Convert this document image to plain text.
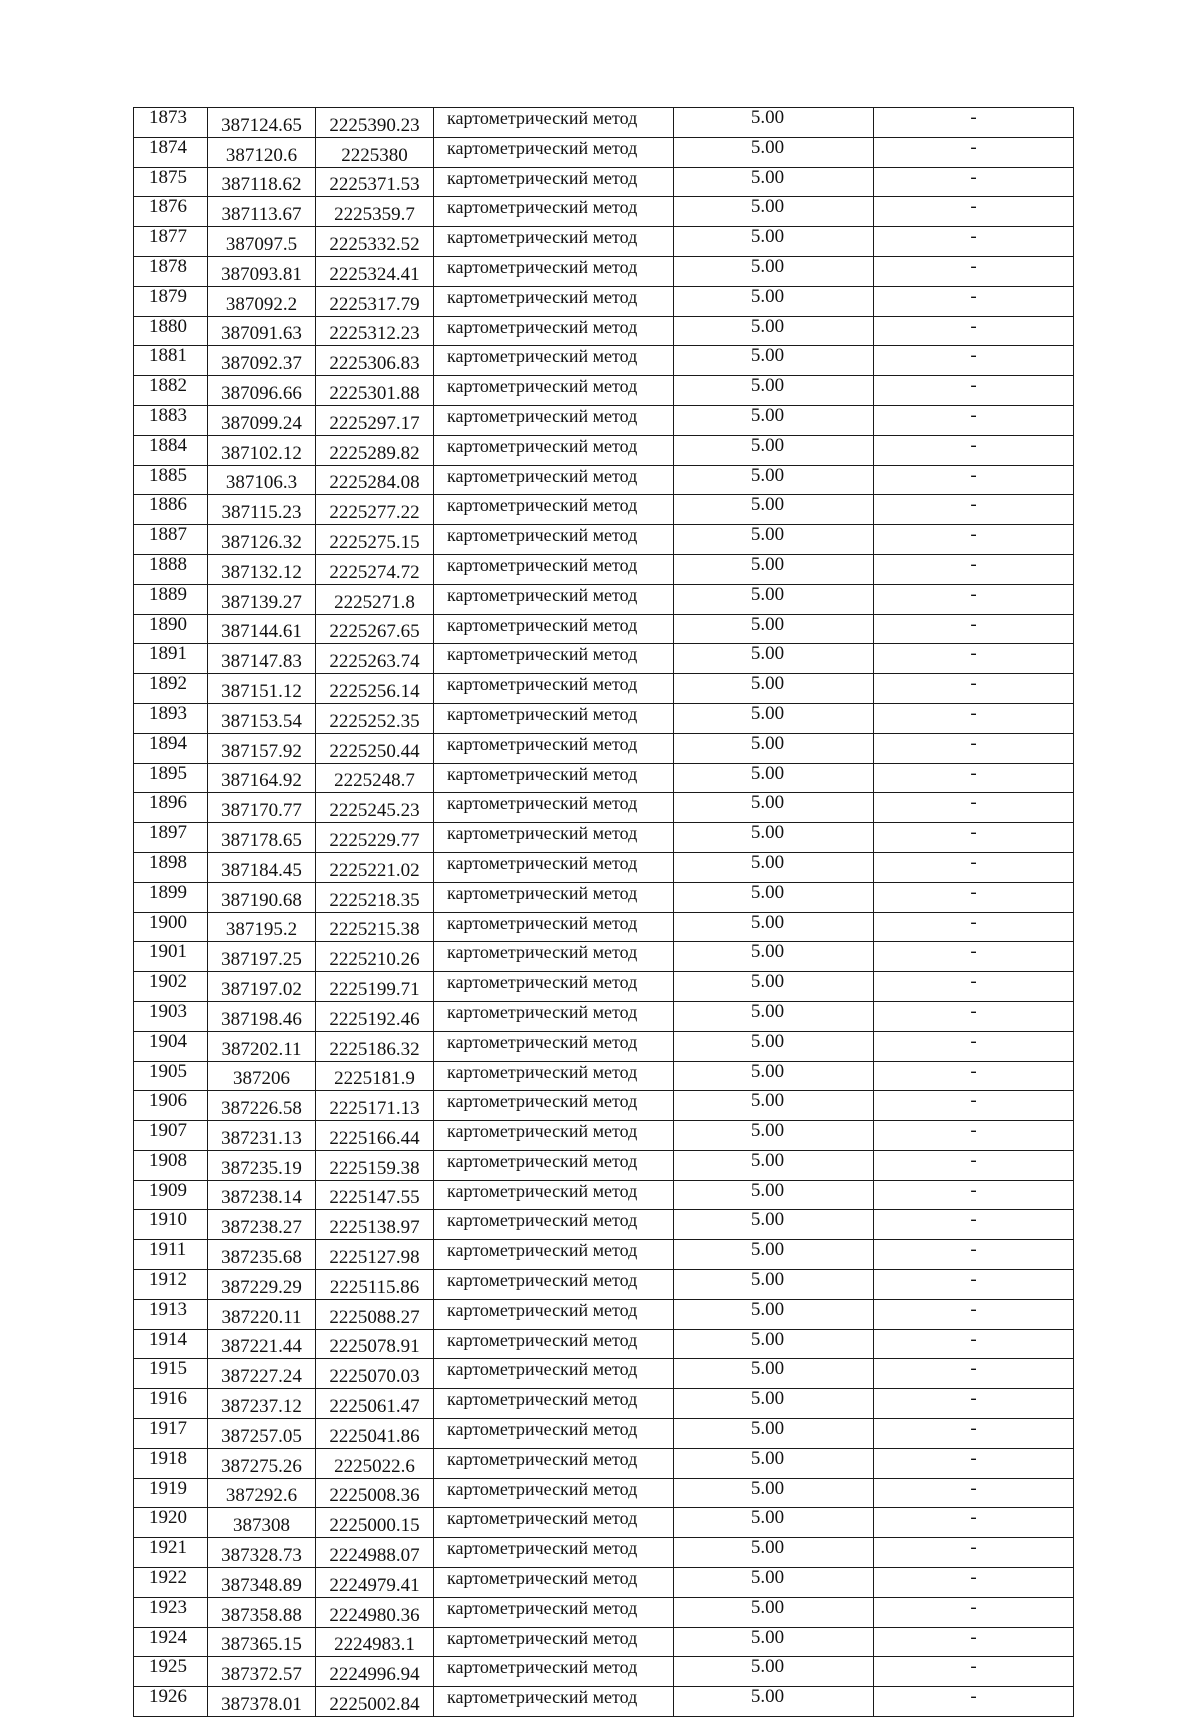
1873	387124.65	2225390.23	картометрический метод	5.00	-
1874	387120.6	2225380	картометрический метод	5.00	-
1875	387118.62	2225371.53	картометрический метод	5.00	-
1876	387113.67	2225359.7	картометрический метод	5.00	-
1877	387097.5	2225332.52	картометрический метод	5.00	-
1878	387093.81	2225324.41	картометрический метод	5.00	-
1879	387092.2	2225317.79	картометрический метод	5.00	-
1880	387091.63	2225312.23	картометрический метод	5.00	-
1881	387092.37	2225306.83	картометрический метод	5.00	-
1882	387096.66	2225301.88	картометрический метод	5.00	-
1883	387099.24	2225297.17	картометрический метод	5.00	-
1884	387102.12	2225289.82	картометрический метод	5.00	-
1885	387106.3	2225284.08	картометрический метод	5.00	-
1886	387115.23	2225277.22	картометрический метод	5.00	-
1887	387126.32	2225275.15	картометрический метод	5.00	-
1888	387132.12	2225274.72	картометрический метод	5.00	-
1889	387139.27	2225271.8	картометрический метод	5.00	-
1890	387144.61	2225267.65	картометрический метод	5.00	-
1891	387147.83	2225263.74	картометрический метод	5.00	-
1892	387151.12	2225256.14	картометрический метод	5.00	-
1893	387153.54	2225252.35	картометрический метод	5.00	-
1894	387157.92	2225250.44	картометрический метод	5.00	-
1895	387164.92	2225248.7	картометрический метод	5.00	-
1896	387170.77	2225245.23	картометрический метод	5.00	-
1897	387178.65	2225229.77	картометрический метод	5.00	-
1898	387184.45	2225221.02	картометрический метод	5.00	-
1899	387190.68	2225218.35	картометрический метод	5.00	-
1900	387195.2	2225215.38	картометрический метод	5.00	-
1901	387197.25	2225210.26	картометрический метод	5.00	-
1902	387197.02	2225199.71	картометрический метод	5.00	-
1903	387198.46	2225192.46	картометрический метод	5.00	-
1904	387202.11	2225186.32	картометрический метод	5.00	-
1905	387206	2225181.9	картометрический метод	5.00	-
1906	387226.58	2225171.13	картометрический метод	5.00	-
1907	387231.13	2225166.44	картометрический метод	5.00	-
1908	387235.19	2225159.38	картометрический метод	5.00	-
1909	387238.14	2225147.55	картометрический метод	5.00	-
1910	387238.27	2225138.97	картометрический метод	5.00	-
1911	387235.68	2225127.98	картометрический метод	5.00	-
1912	387229.29	2225115.86	картометрический метод	5.00	-
1913	387220.11	2225088.27	картометрический метод	5.00	-
1914	387221.44	2225078.91	картометрический метод	5.00	-
1915	387227.24	2225070.03	картометрический метод	5.00	-
1916	387237.12	2225061.47	картометрический метод	5.00	-
1917	387257.05	2225041.86	картометрический метод	5.00	-
1918	387275.26	2225022.6	картометрический метод	5.00	-
1919	387292.6	2225008.36	картометрический метод	5.00	-
1920	387308	2225000.15	картометрический метод	5.00	-
1921	387328.73	2224988.07	картометрический метод	5.00	-
1922	387348.89	2224979.41	картометрический метод	5.00	-
1923	387358.88	2224980.36	картометрический метод	5.00	-
1924	387365.15	2224983.1	картометрический метод	5.00	-
1925	387372.57	2224996.94	картометрический метод	5.00	-
1926	387378.01	2225002.84	картометрический метод	5.00	-
